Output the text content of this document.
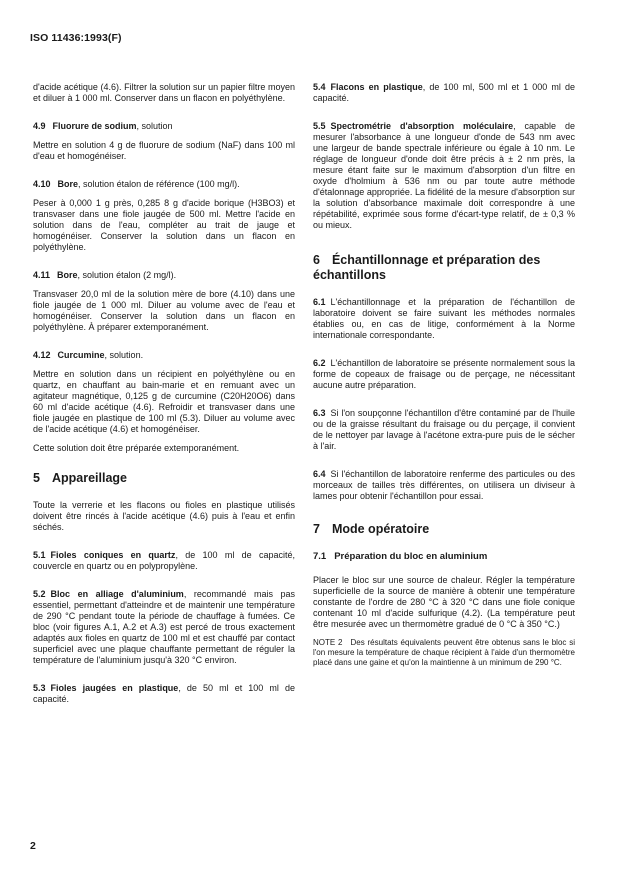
ISO 11436:1993(F)

d'acide acétique (4.6). Filtrer la solution sur un papier filtre moyen et diluer à 1 000 ml. Conserver dans un flacon en polyéthylène.

4.9 Fluorure de sodium, solution

Mettre en solution 4 g de fluorure de sodium (NaF) dans 100 ml d'eau et homogénéiser.

4.10 Bore, solution étalon de référence (100 mg/l).

Peser à 0,000 1 g près, 0,285 8 g d'acide borique (H3BO3) et transvaser dans une fiole jaugée de 500 ml. Mettre l'acide en solution dans de l'eau, compléter au trait de jauge et homogénéiser. Conserver la solution dans un flacon en polyéthylène.

4.11 Bore, solution étalon (2 mg/l).

Transvaser 20,0 ml de la solution mère de bore (4.10) dans une fiole jaugée de 1 000 ml. Diluer au volume avec de l'eau et homogénéiser. Conserver la solution dans un flacon en polyéthylène. À préparer extemporanément.

4.12 Curcumine, solution.

Mettre en solution dans un récipient en polyéthylène ou en quartz, en chauffant au bain-marie et en remuant avec un agitateur magnétique, 0,125 g de curcumine (C20H20O6) dans 60 ml d'acide acétique (4.6). Refroidir et transvaser dans une fiole jaugée en plastique de 100 ml (5.3). Diluer au volume avec de l'acide acétique (4.6) et homogénéiser.

Cette solution doit être préparée extemporanément.

5 Appareillage

Toute la verrerie et les flacons ou fioles en plastique utilisés doivent être rincés à l'acide acétique (4.6) puis à l'eau et enfin séchés.

5.1 Fioles coniques en quartz, de 100 ml de capacité, couvercle en quartz ou en polypropylène.

5.2 Bloc en alliage d'aluminium, recommandé mais pas essentiel, permettant d'atteindre et de maintenir une température de 290 °C pendant toute la période de chauffage à fumées. Ce bloc (voir figures A.1, A.2 et A.3) est percé de trous exactement adaptés aux fioles en quartz de 100 ml et est chauffé par contact superficiel avec une plaque chauffante permettant de réguler la température de l'aluminium jusqu'à 320 °C environ.

5.3 Fioles jaugées en plastique, de 50 ml et 100 ml de capacité.

5.4 Flacons en plastique, de 100 ml, 500 ml et 1 000 ml de capacité.

5.5 Spectrométrie d'absorption moléculaire, capable de mesurer l'absorbance à une longueur d'onde de 543 nm avec une largeur de bande spectrale inférieure ou égale à 10 nm. Le réglage de longueur d'onde doit être précis à ± 2 nm près, la mesure étant faite sur le maximum d'absorption d'un filtre en oxyde d'holmium à 536 nm ou par toute autre méthode d'étalonnage appropriée. La fidélité de la mesure d'absorption sur la solution d'absorbance maximale doit correspondre à une répétabilité, exprimée sous forme d'écart-type relatif, de ± 0,3 % ou mieux.

6 Échantillonnage et préparation des échantillons

6.1 L'échantillonnage et la préparation de l'échantillon de laboratoire doivent se faire suivant les méthodes normales établies ou, en cas de litige, conformément à la Norme internationale correspondante.

6.2 L'échantillon de laboratoire se présente normalement sous la forme de copeaux de fraisage ou de perçage, ne nécessitant aucune autre préparation.

6.3 Si l'on soupçonne l'échantillon d'être contaminé par de l'huile ou de la graisse résultant du fraisage ou du perçage, il convient de le nettoyer par lavage à l'acétone extra-pure puis de le sécher à l'air.

6.4 Si l'échantillon de laboratoire renferme des particules ou des morceaux de tailles très différentes, on utilisera un diviseur à lames pour obtenir l'échantillon pour essai.

7 Mode opératoire
7.1 Préparation du bloc en aluminium

Placer le bloc sur une source de chaleur. Régler la température superficielle de la source de manière à obtenir une température constante de l'ordre de 280 °C à 320 °C dans une fiole conique contenant 10 ml d'acide sulfurique (4.2). (La température peut être mesurée avec un thermomètre gradué de 0 °C à 350 °C.)

NOTE 2 Des résultats équivalents peuvent être obtenus sans le bloc si l'on mesure la température de chaque récipient à l'aide d'un thermomètre placé dans une gaine et qu'on la maintienne à un minimum de 290 °C.

2
